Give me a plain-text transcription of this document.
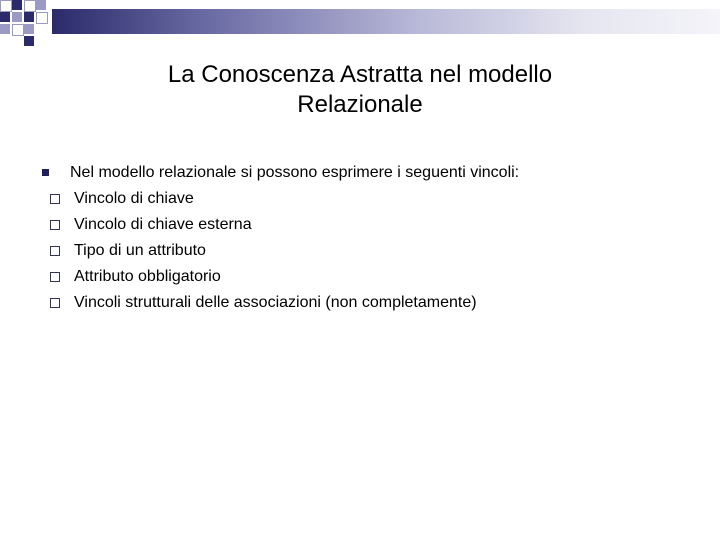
La Conoscenza Astratta nel modello
Relazionale
Nel modello relazionale si possono esprimere i seguenti vincoli:
Vincolo di chiave
Vincolo di chiave esterna
Tipo di un attributo
Attributo obbligatorio
Vincoli strutturali delle associazioni (non completamente)
